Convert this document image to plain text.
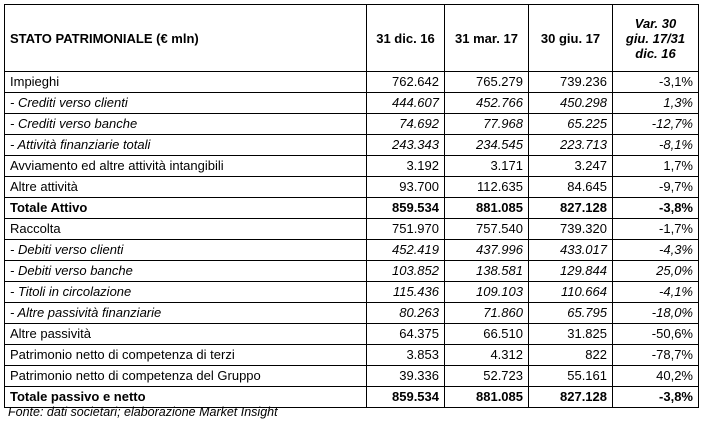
STATO PATRIMONIALE (€ mln)	31 dic. 16	31 mar. 17	30 giu. 17	Var. 30
giu. 17/31
dic. 16

Impieghi	762.642	765.279	739.236	-3,1%
- Crediti verso clienti	444.607	452.766	450.298	1,3%
- Crediti verso banche	74.692	77.968	65.225	-12,7%
- Attività finanziarie totali	243.343	234.545	223.713	-8,1%
Avviamento ed altre attività intangibili	3.192	3.171	3.247	1,7%
Altre attività	93.700	112.635	84.645	-9,7%
Totale Attivo	859.534	881.085	827.128	-3,8%
Raccolta	751.970	757.540	739.320	-1,7%
- Debiti verso clienti	452.419	437.996	433.017	-4,3%
- Debiti verso banche	103.852	138.581	129.844	25,0%
- Titoli in circolazione	115.436	109.103	110.664	-4,1%
- Altre passività finanziarie	80.263	71.860	65.795	-18,0%
Altre passività	64.375	66.510	31.825	-50,6%
Patrimonio netto di competenza di terzi	3.853	4.312	822	-78,7%
Patrimonio netto di competenza del Gruppo	39.336	52.723	55.161	40,2%
Totale passivo e netto	859.534	881.085	827.128	-3,8%
Fonte: dati societari; elaborazione Market Insight
